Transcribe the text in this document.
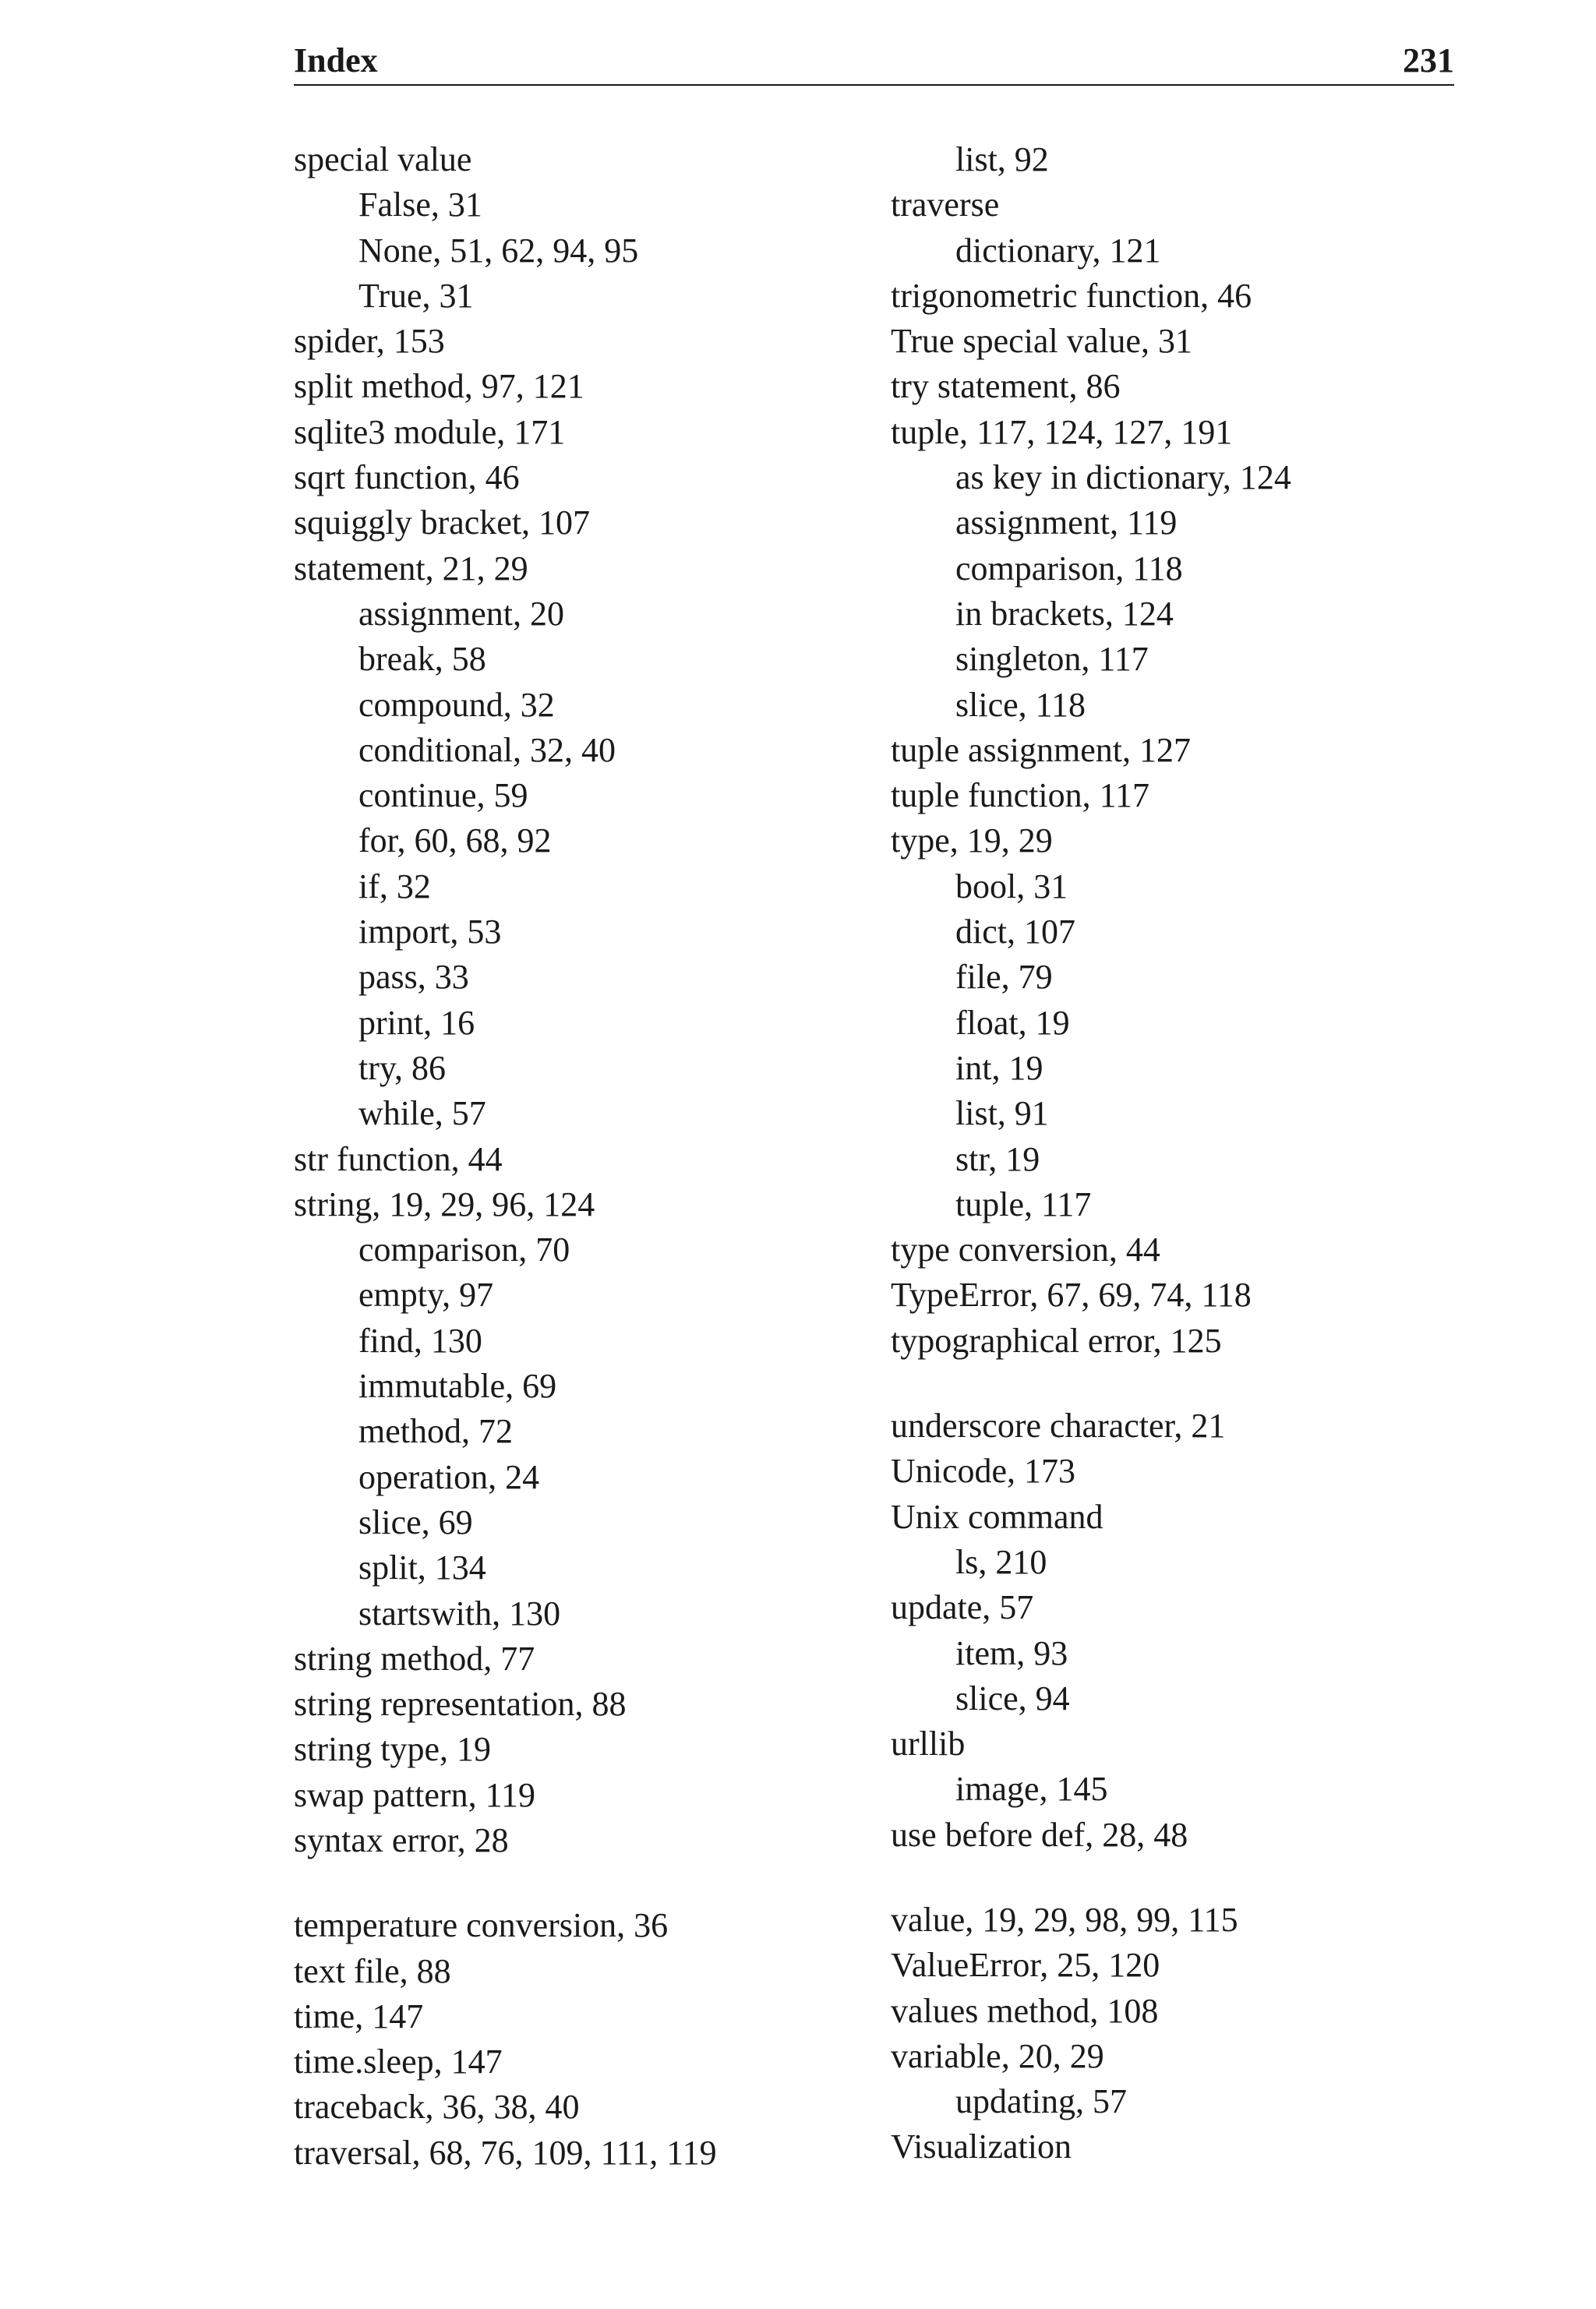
Index	231
special value
False, 31
None, 51, 62, 94, 95
True, 31
spider, 153
split method, 97, 121
sqlite3 module, 171
sqrt function, 46
squiggly bracket, 107
statement, 21, 29
assignment, 20
break, 58
compound, 32
conditional, 32, 40
continue, 59
for, 60, 68, 92
if, 32
import, 53
pass, 33
print, 16
try, 86
while, 57
str function, 44
string, 19, 29, 96, 124
comparison, 70
empty, 97
find, 130
immutable, 69
method, 72
operation, 24
slice, 69
split, 134
startswith, 130
string method, 77
string representation, 88
string type, 19
swap pattern, 119
syntax error, 28
temperature conversion, 36
text file, 88
time, 147
time.sleep, 147
traceback, 36, 38, 40
traversal, 68, 76, 109, 111, 119
list, 92
traverse
dictionary, 121
trigonometric function, 46
True special value, 31
try statement, 86
tuple, 117, 124, 127, 191
as key in dictionary, 124
assignment, 119
comparison, 118
in brackets, 124
singleton, 117
slice, 118
tuple assignment, 127
tuple function, 117
type, 19, 29
bool, 31
dict, 107
file, 79
float, 19
int, 19
list, 91
str, 19
tuple, 117
type conversion, 44
TypeError, 67, 69, 74, 118
typographical error, 125
underscore character, 21
Unicode, 173
Unix command
ls, 210
update, 57
item, 93
slice, 94
urllib
image, 145
use before def, 28, 48
value, 19, 29, 98, 99, 115
ValueError, 25, 120
values method, 108
variable, 20, 29
updating, 57
Visualization
